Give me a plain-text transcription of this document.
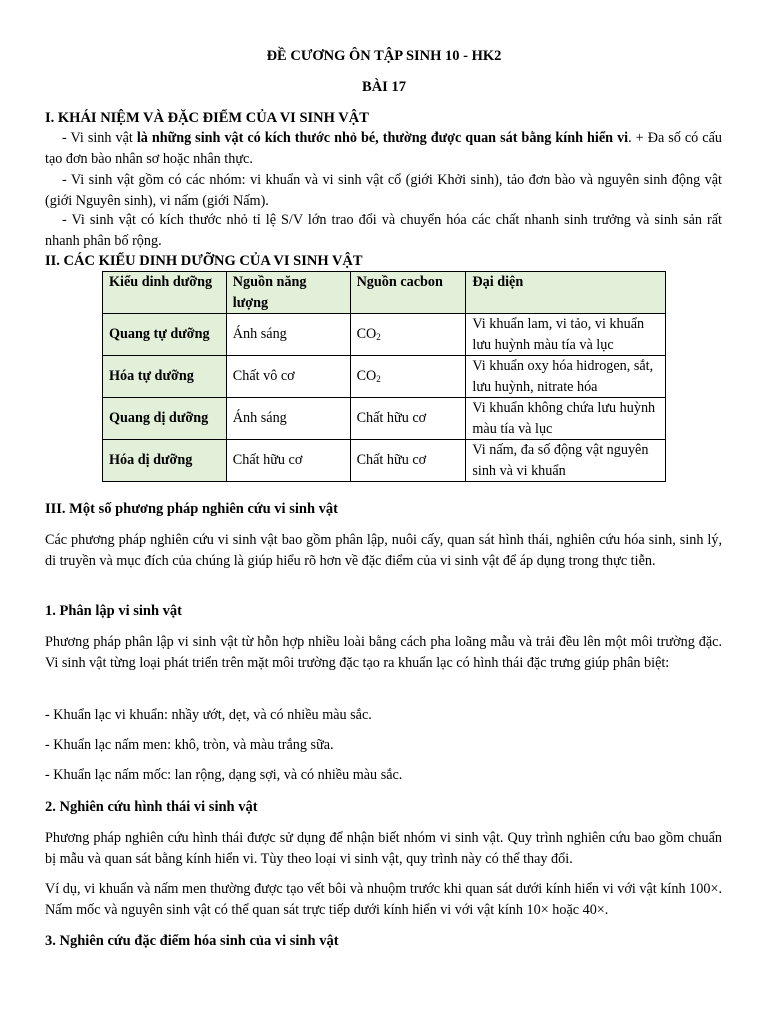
ĐỀ CƯƠNG ÔN TẬP SINH 10 - HK2
BÀI 17
I. KHÁI NIỆM VÀ ĐẶC ĐIỂM CỦA VI SINH VẬT
- Vi sinh vật là những sinh vật có kích thước nhỏ bé, thường được quan sát bằng kính hiển vi. + Đa số có cấu tạo đơn bào nhân sơ hoặc nhân thực.
- Vi sinh vật gồm có các nhóm: vi khuẩn và vi sinh vật cổ (giới Khởi sinh), tảo đơn bào và nguyên sinh động vật (giới Nguyên sinh), vi nấm (giới Nấm).
- Vi sinh vật có kích thước nhỏ tỉ lệ S/V lớn trao đổi và chuyển hóa các chất nhanh sinh trưởng và sinh sản rất nhanh phân bố rộng.
II. CÁC KIỂU DINH DƯỠNG CỦA VI SINH VẬT
Kiểu dinh dưỡng	Nguồn năng lượng	Nguồn cacbon	Đại diện
Quang tự dưỡng	Ánh sáng	$CO_2$	Vi khuẩn lam, vi tảo, vi khuẩn lưu huỳnh màu tía và lục
Hóa tự dưỡng	Chất vô cơ	$CO_2$	Vi khuẩn oxy hóa hidrogen, sắt, lưu huỳnh, nitrate hóa
Quang dị dưỡng	Ánh sáng	Chất hữu cơ	Vi khuẩn không chứa lưu huỳnh màu tía và lục
Hóa dị dưỡng	Chất hữu cơ	Chất hữu cơ	Vi nấm, đa số động vật nguyên sinh và vi khuẩn
III. Một số phương pháp nghiên cứu vi sinh vật
Các phương pháp nghiên cứu vi sinh vật bao gồm phân lập, nuôi cấy, quan sát hình thái, nghiên cứu hóa sinh, sinh lý, di truyền và mục đích của chúng là giúp hiểu rõ hơn về đặc điểm của vi sinh vật để áp dụng trong thực tiễn.
1. Phân lập vi sinh vật
Phương pháp phân lập vi sinh vật từ hỗn hợp nhiều loài bằng cách pha loãng mẫu và trải đều lên một môi trường đặc. Vi sinh vật từng loại phát triển trên mặt môi trường đặc tạo ra khuẩn lạc có hình thái đặc trưng giúp phân biệt:
- Khuẩn lạc vi khuẩn: nhầy ướt, dẹt, và có nhiều màu sắc.
- Khuẩn lạc nấm men: khô, tròn, và màu trắng sữa.
- Khuẩn lạc nấm mốc: lan rộng, dạng sợi, và có nhiều màu sắc.
2. Nghiên cứu hình thái vi sinh vật
Phương pháp nghiên cứu hình thái được sử dụng để nhận biết nhóm vi sinh vật. Quy trình nghiên cứu bao gồm chuẩn bị mẫu và quan sát bằng kính hiển vi. Tùy theo loại vi sinh vật, quy trình này có thể thay đổi.
Ví dụ, vi khuẩn và nấm men thường được tạo vết bôi và nhuộm trước khi quan sát dưới kính hiển vi với vật kính 100×. Nấm mốc và nguyên sinh vật có thể quan sát trực tiếp dưới kính hiển vi với vật kính 10× hoặc 40×.
3. Nghiên cứu đặc điểm hóa sinh của vi sinh vật
